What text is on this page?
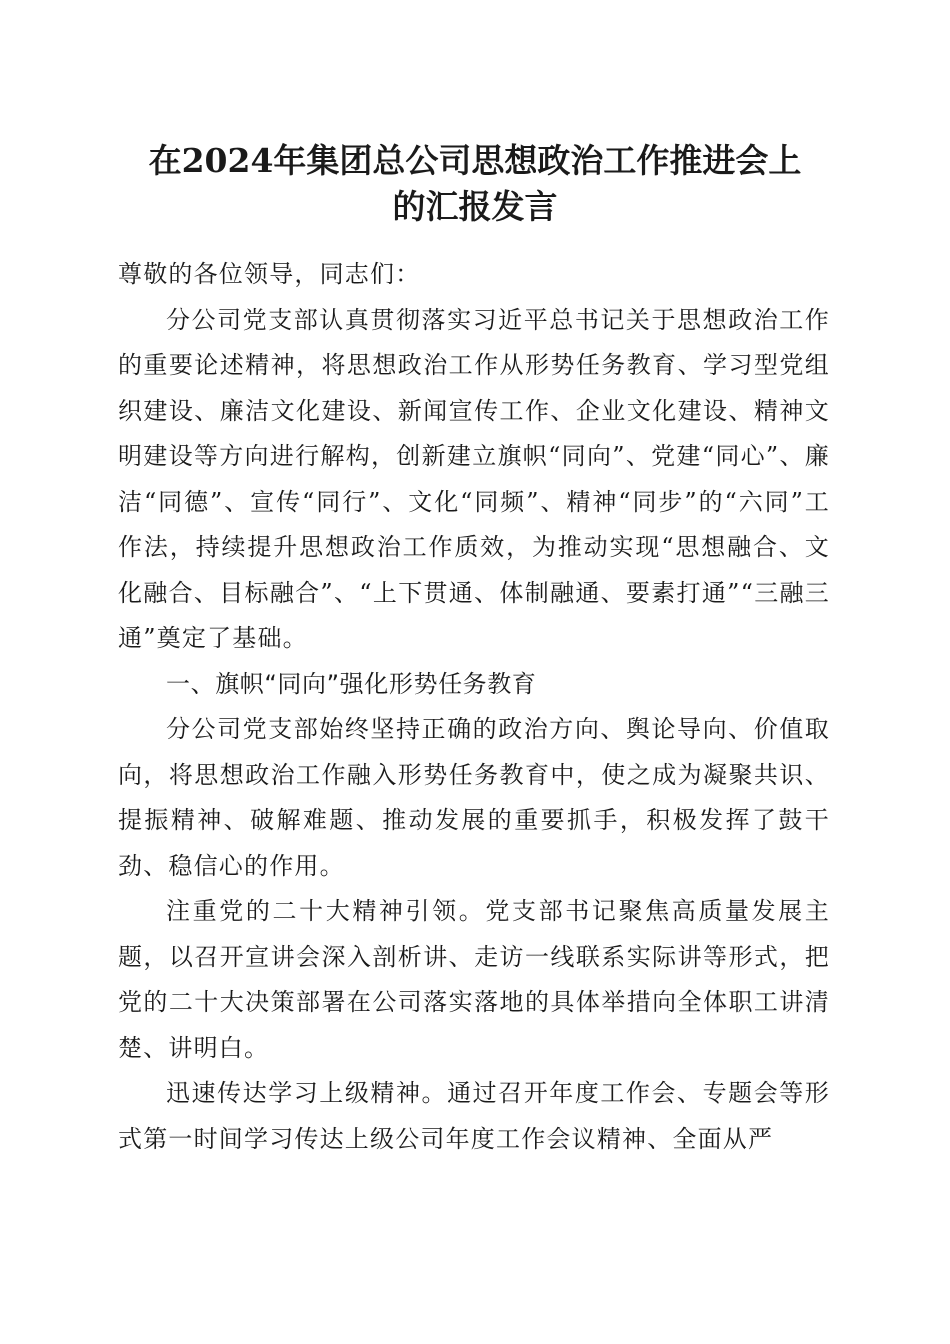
在2024年集团总公司思想政治工作推进会上
的汇报发言

尊敬的各位领导，同志们：

分公司党支部认真贯彻落实习近平总书记关于思想政治工作的重要论述精神，将思想政治工作从形势任务教育、学习型党组织建设、廉洁文化建设、新闻宣传工作、企业文化建设、精神文明建设等方向进行解构，创新建立旗帜“同向”、党建“同心”、廉洁“同德”、宣传“同行”、文化“同频”、精神“同步”的“六同”工作法，持续提升思想政治工作质效，为推动实现“思想融合、文化融合、目标融合”、“上下贯通、体制融通、要素打通”“三融三通”奠定了基础。

一、旗帜“同向”强化形势任务教育

分公司党支部始终坚持正确的政治方向、舆论导向、价值取向，将思想政治工作融入形势任务教育中，使之成为凝聚共识、提振精神、破解难题、推动发展的重要抓手，积极发挥了鼓干劲、稳信心的作用。

注重党的二十大精神引领。党支部书记聚焦高质量发展主题，以召开宣讲会深入剖析讲、走访一线联系实际讲等形式，把党的二十大决策部署在公司落实落地的具体举措向全体职工讲清楚、讲明白。

迅速传达学习上级精神。通过召开年度工作会、专题会等形式第一时间学习传达上级公司年度工作会议精神、全面从严
